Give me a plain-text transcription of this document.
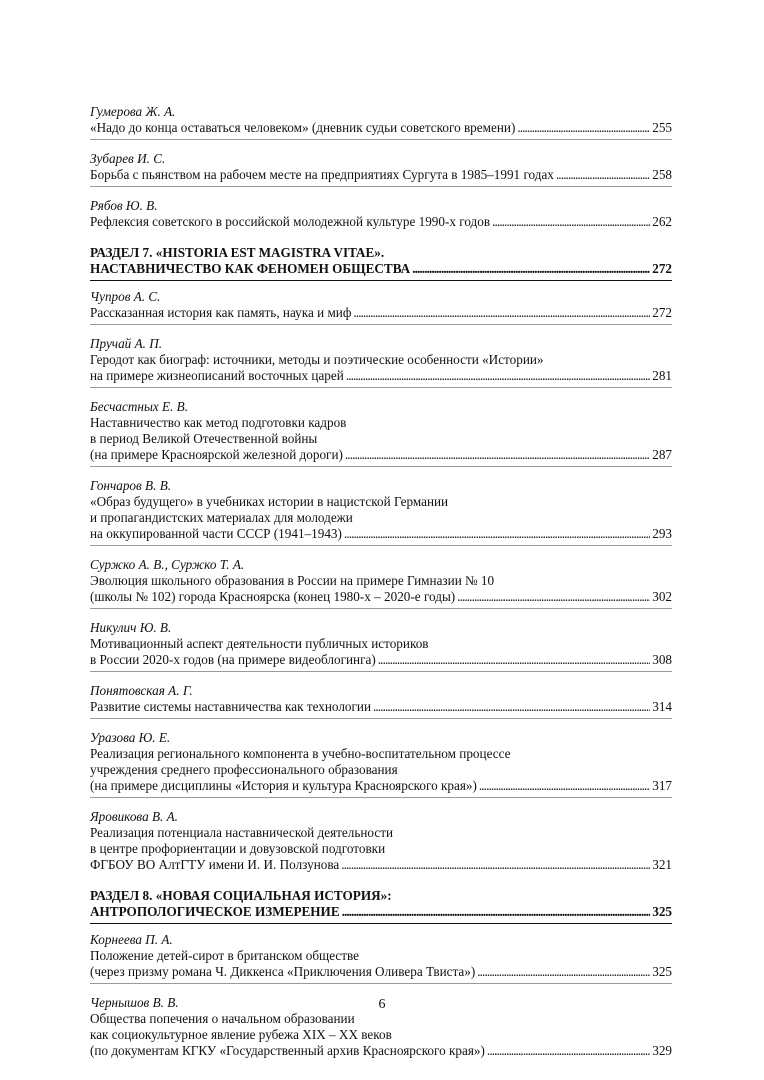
Гумерова Ж. А.
«Надо до конца оставаться человеком» (дневник судьи советского времени) . . .	255
Зубарев И. С.
Борьба с пьянством на рабочем месте на предприятиях Сургута в 1985–1991 годах . . .	258
Рябов Ю. В.
Рефлексия советского в российской молодежной культуре 1990-х годов . . .	262
РАЗДЕЛ 7. «HISTORIA EST MAGISTRA VITAE».
НАСТАВНИЧЕСТВО КАК ФЕНОМЕН ОБЩЕСТВА . . .	272
Чупров А. С.
Рассказанная история как память, наука и миф . . .	272
Пручай А. П.
Геродот как биограф: источники, методы и поэтические особенности «Истории»
на примере жизнеописаний восточных царей . . .	281
Бесчастных Е. В.
Наставничество как метод подготовки кадров
в период Великой Отечественной войны
(на примере Красноярской железной дороги) . . .	287
Гончаров В. В.
«Образ будущего» в учебниках истории в нацистской Германии
и пропагандистских материалах для молодежи
на оккупированной части СССР (1941–1943) . . .	293
Суржко А. В., Суржко Т. А.
Эволюция школьного образования в России на примере Гимназии № 10
(школы № 102) города Красноярска (конец 1980-х – 2020-е годы) . . .	302
Никулич Ю. В.
Мотивационный аспект деятельности публичных историков
в России 2020-х годов (на примере видеоблогинга) . . .	308
Понятовская А. Г.
Развитие системы наставничества как технологии . . .	314
Уразова Ю. Е.
Реализация регионального компонента в учебно-воспитательном процессе
учреждения среднего профессионального образования
(на примере дисциплины «История и культура Красноярского края») . . .	317
Яровикова В. А.
Реализация потенциала наставнической деятельности
в центре профориентации и довузовской подготовки
ФГБОУ ВО АлтГТУ имени И. И. Ползунова . . .	321
РАЗДЕЛ 8. «НОВАЯ СОЦИАЛЬНАЯ ИСТОРИЯ»:
АНТРОПОЛОГИЧЕСКОЕ ИЗМЕРЕНИЕ . . .	325
Корнеева П. А.
Положение детей-сирот в британском обществе
(через призму романа Ч. Диккенса «Приключения Оливера Твиста») . . .	325
Чернышов В. В.
Общества попечения о начальном образовании
как социокультурное явление рубежа XIX – XX веков
(по документам КГКУ «Государственный архив Красноярского края») . . .	329
6
